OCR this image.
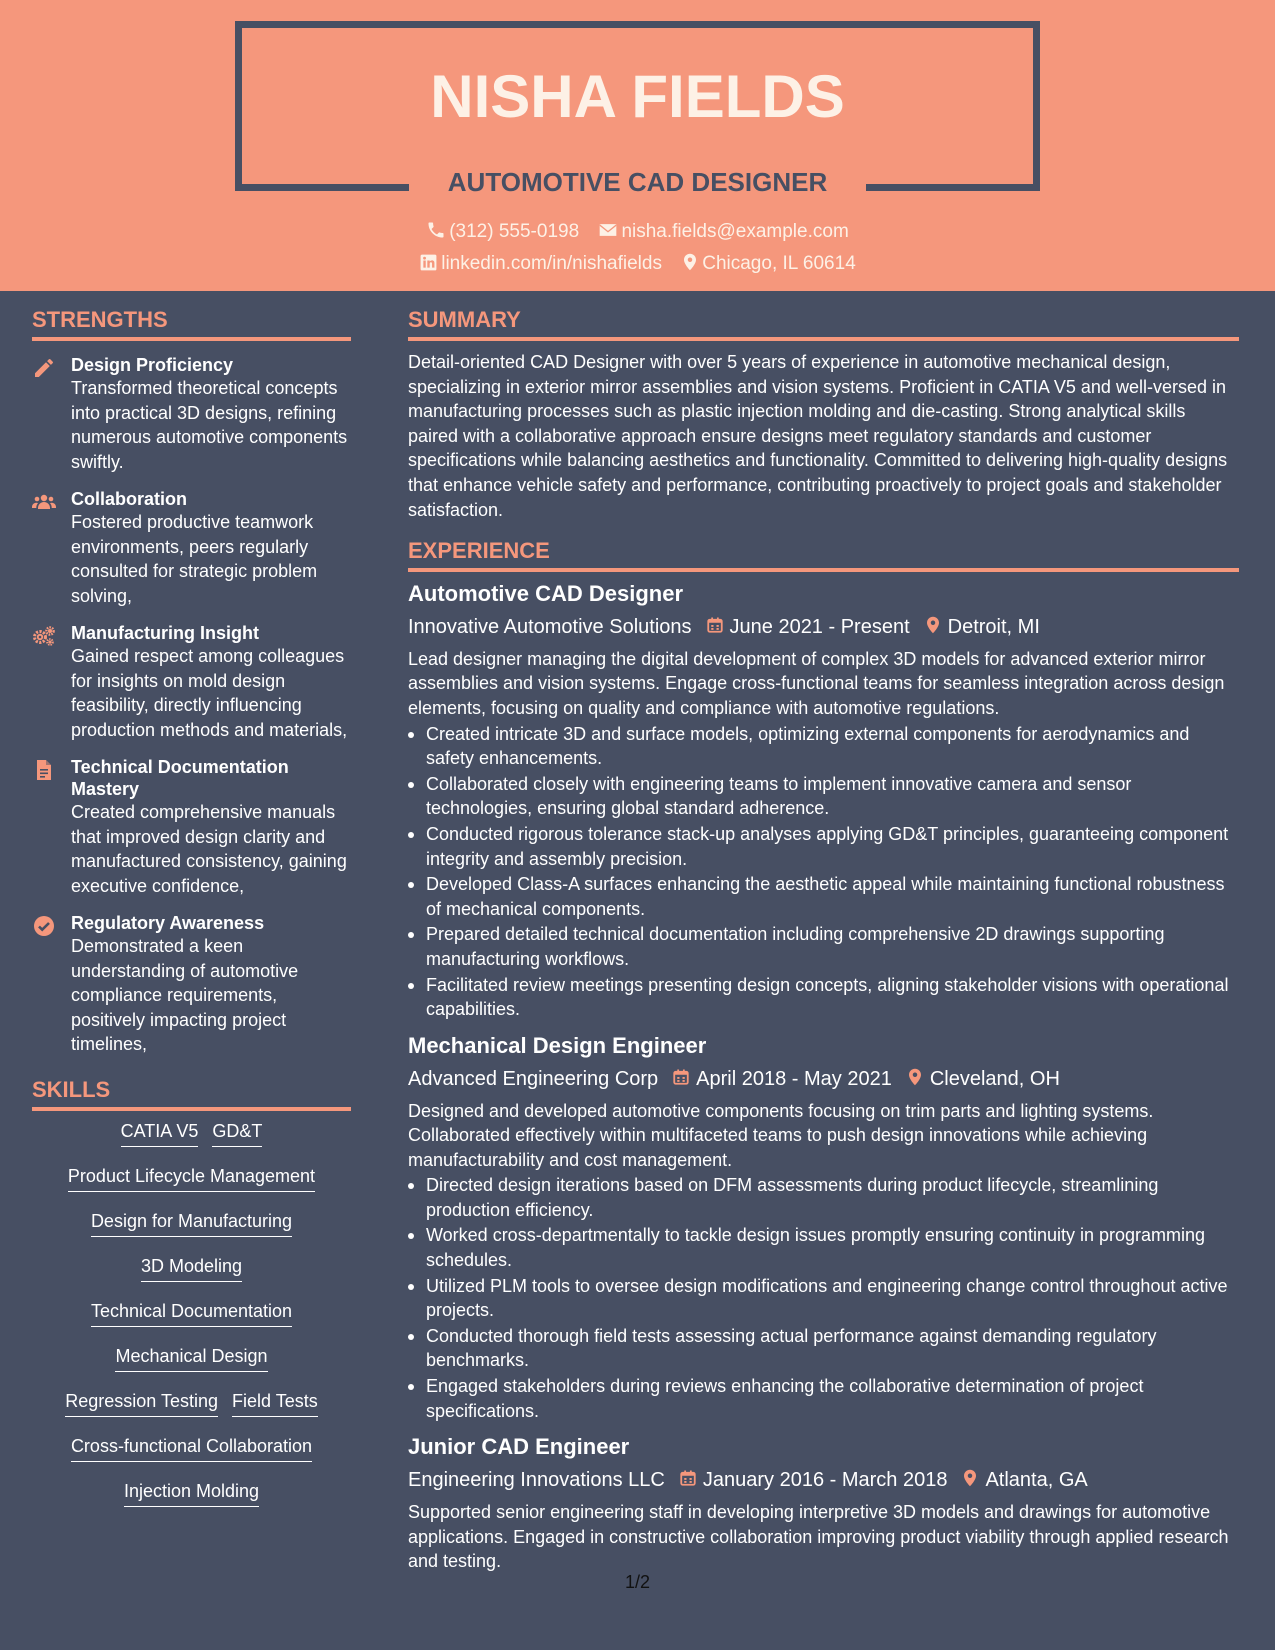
NISHA FIELDS
AUTOMOTIVE CAD DESIGNER
(312) 555-0198 nisha.fields@example.com
linkedin.com/in/nishafields Chicago, IL 60614
STRENGTHS
Design Proficiency
Transformed theoretical concepts into practical 3D designs, refining numerous automotive components swiftly.
Collaboration
Fostered productive teamwork environments, peers regularly consulted for strategic problem solving,
Manufacturing Insight
Gained respect among colleagues for insights on mold design feasibility, directly influencing production methods and materials,
Technical Documentation Mastery
Created comprehensive manuals that improved design clarity and manufactured consistency, gaining executive confidence,
Regulatory Awareness
Demonstrated a keen understanding of automotive compliance requirements, positively impacting project timelines,
SKILLS
CATIA V5 GD&T
Product Lifecycle Management
Design for Manufacturing
3D Modeling
Technical Documentation
Mechanical Design
Regression Testing Field Tests
Cross-functional Collaboration
Injection Molding
SUMMARY
Detail-oriented CAD Designer with over 5 years of experience in automotive mechanical design, specializing in exterior mirror assemblies and vision systems. Proficient in CATIA V5 and well-versed in manufacturing processes such as plastic injection molding and die-casting. Strong analytical skills paired with a collaborative approach ensure designs meet regulatory standards and customer specifications while balancing aesthetics and functionality. Committed to delivering high-quality designs that enhance vehicle safety and performance, contributing proactively to project goals and stakeholder satisfaction.
EXPERIENCE
Automotive CAD Designer
Innovative Automotive Solutions June 2021 - Present Detroit, MI
Lead designer managing the digital development of complex 3D models for advanced exterior mirror assemblies and vision systems. Engage cross-functional teams for seamless integration across design elements, focusing on quality and compliance with automotive regulations.
Created intricate 3D and surface models, optimizing external components for aerodynamics and safety enhancements.
Collaborated closely with engineering teams to implement innovative camera and sensor technologies, ensuring global standard adherence.
Conducted rigorous tolerance stack-up analyses applying GD&T principles, guaranteeing component integrity and assembly precision.
Developed Class-A surfaces enhancing the aesthetic appeal while maintaining functional robustness of mechanical components.
Prepared detailed technical documentation including comprehensive 2D drawings supporting manufacturing workflows.
Facilitated review meetings presenting design concepts, aligning stakeholder visions with operational capabilities.
Mechanical Design Engineer
Advanced Engineering Corp April 2018 - May 2021 Cleveland, OH
Designed and developed automotive components focusing on trim parts and lighting systems. Collaborated effectively within multifaceted teams to push design innovations while achieving manufacturability and cost management.
Directed design iterations based on DFM assessments during product lifecycle, streamlining production efficiency.
Worked cross-departmentally to tackle design issues promptly ensuring continuity in programming schedules.
Utilized PLM tools to oversee design modifications and engineering change control throughout active projects.
Conducted thorough field tests assessing actual performance against demanding regulatory benchmarks.
Engaged stakeholders during reviews enhancing the collaborative determination of project specifications.
Junior CAD Engineer
Engineering Innovations LLC January 2016 - March 2018 Atlanta, GA
Supported senior engineering staff in developing interpretive 3D models and drawings for automotive applications. Engaged in constructive collaboration improving product viability through applied research and testing.
1/2
